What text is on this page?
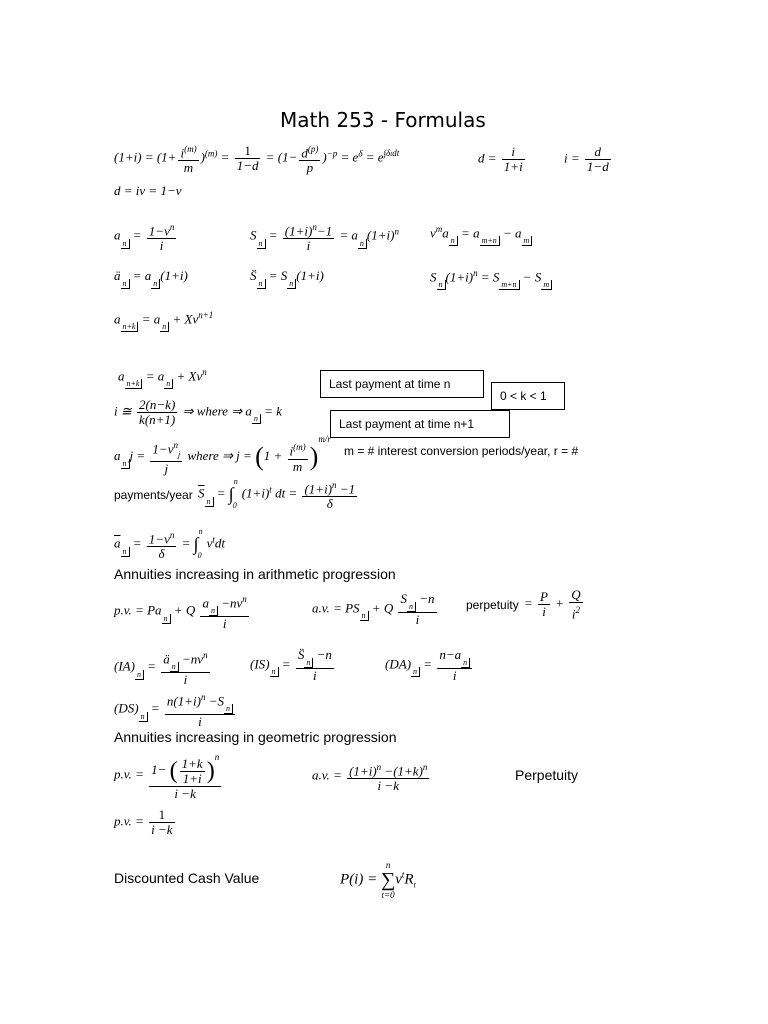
Math 253 - Formulas
$(1+i) = (1+ \frac{i^{(m)}}{m} )^{(m)} = \frac{1}{1-d} = (1- \frac{d^{(p)}}{p} )^{-p} = e^\delta = e^{\int\delta tdt}$	$d = \frac{i}{1+i}$	$i = \frac{d}{1-d}$
d = iv = 1−v
an = $\frac{1-v^n}{i}$	$Sn = \frac{(1+i)^n-1}{i} = an(1+i)^n$ $v^man = am+n$ − am
än = an(1+i)	S̈n = Sn(1+i)	$Sn(1+i)^n = Sm+n - Sm$
an+k = an + $Xv^{n+1}$
an+k = an + $Xv^n$
Last payment at time n
0 < k < 1
i ≅ $\frac{2(n-k)}{k(n+1)}$ ⇒ where ⇒ an = k
Last payment at time n+1
anj = $\frac{1-v^n_j}{j}$ where ⇒ $j = (1 + \frac{i^{(m)}}{m} )^{m/r}$
m = # interest conversion periods/year, r = #
payments/year $\overline{S}n = \int^n_0(1+i)^t$ dt = $\frac{(1+i)^n -1}{\delta}$
$\overline{a}n = \frac{1-v^n}{\delta} = \int^n_0v^tdt$
Annuities increasing in arithmetic progression
p.v. = Pan + Q $\frac{an -nv^n}{i}$	a.v. = PSn + Q $\frac{Sn -n}{i}$ perpetuity = $\frac{P}{i} + \frac{Q}{i^2}$
$(IA)n = \frac{än -nv^n}{i}$	$(IS)n = \frac{S̈n -n}{i}$	$(DA)n = \frac{n-an}{i}$
$(DS)n = \frac{n(1+i)^n -Sn}{i}$
Annuities increasing in geometric progression
p.v. = $\frac{1- ( \frac{1+k}{1+i} )^n}{i -k}$	a.v. = $\frac{(1+i)^n -(1+k)^n}{i -k}$	Perpetuity
p.v. = $\frac{1}{i -k}$
Discounted Cash Value	P(i) =
n
∑
t=0
$v^tR_t$
